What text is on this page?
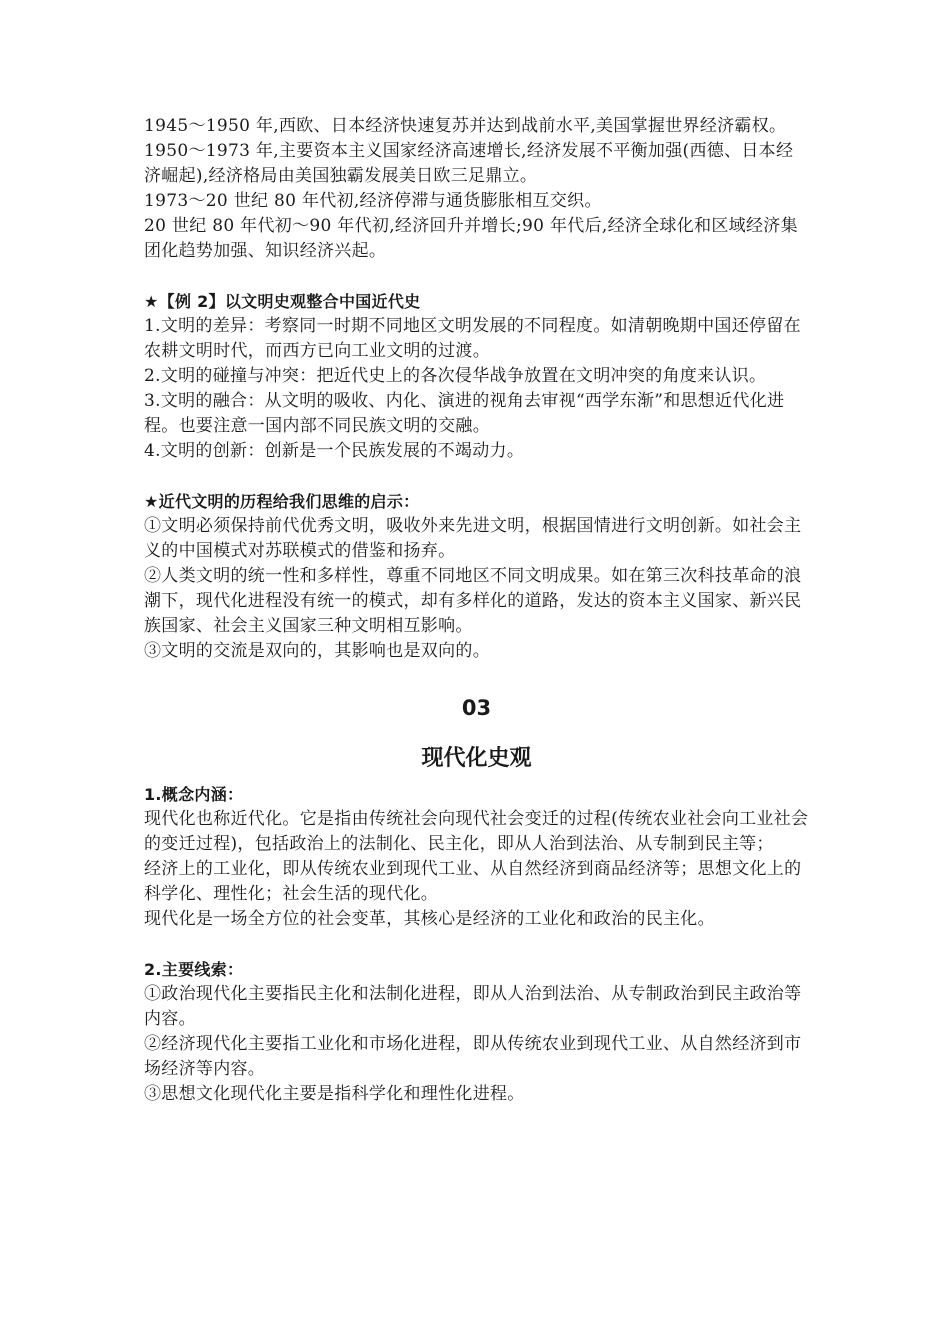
1945～1950 年,西欧、日本经济快速复苏并达到战前水平,美国掌握世界经济霸权。

1950～1973 年,主要资本主义国家经济高速增长,经济发展不平衡加强(西德、日本经济崛起),经济格局由美国独霸发展美日欧三足鼎立。

1973～20 世纪 80 年代初,经济停滞与通货膨胀相互交织。

20 世纪 80 年代初～90 年代初,经济回升并增长;90 年代后,经济全球化和区域经济集团化趋势加强、知识经济兴起。

★【例 2】以文明史观整合中国近代史

1.文明的差异：考察同一时期不同地区文明发展的不同程度。如清朝晚期中国还停留在农耕文明时代，而西方已向工业文明的过渡。

2.文明的碰撞与冲突：把近代史上的各次侵华战争放置在文明冲突的角度来认识。

3.文明的融合：从文明的吸收、内化、演进的视角去审视“西学东渐”和思想近代化进程。也要注意一国内部不同民族文明的交融。

4.文明的创新：创新是一个民族发展的不竭动力。

★近代文明的历程给我们思维的启示：

①文明必须保持前代优秀文明，吸收外来先进文明，根据国情进行文明创新。如社会主义的中国模式对苏联模式的借鉴和扬弃。

②人类文明的统一性和多样性，尊重不同地区不同文明成果。如在第三次科技革命的浪潮下，现代化进程没有统一的模式，却有多样化的道路，发达的资本主义国家、新兴民族国家、社会主义国家三种文明相互影响。

③文明的交流是双向的，其影响也是双向的。

03
现代化史观

1.概念内涵：

现代化也称近代化。它是指由传统社会向现代社会变迁的过程(传统农业社会向工业社会的变迁过程)，包括政治上的法制化、民主化，即从人治到法治、从专制到民主等；

经济上的工业化，即从传统农业到现代工业、从自然经济到商品经济等；思想文化上的科学化、理性化；社会生活的现代化。

现代化是一场全方位的社会变革，其核心是经济的工业化和政治的民主化。

2.主要线索：

①政治现代化主要指民主化和法制化进程，即从人治到法治、从专制政治到民主政治等内容。

②经济现代化主要指工业化和市场化进程，即从传统农业到现代工业、从自然经济到市场经济等内容。

③思想文化现代化主要是指科学化和理性化进程。
